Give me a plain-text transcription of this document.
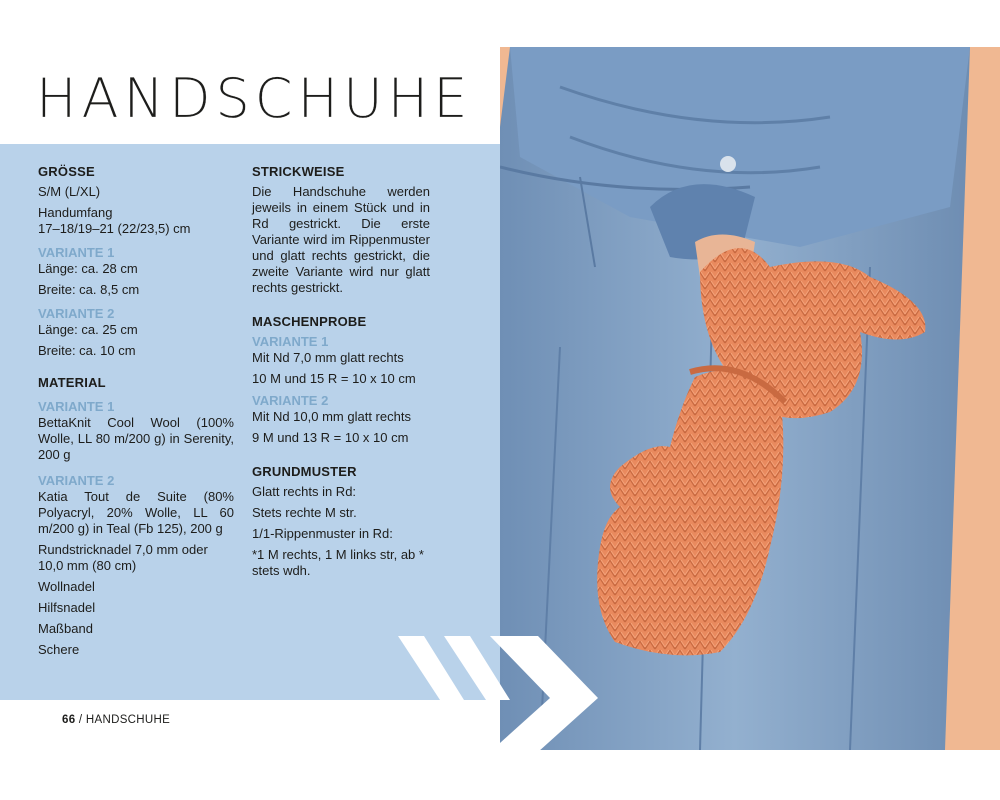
HANDSCHUHE
GRÖSSE
S/M (L/XL)
Handumfang
17–18/19–21 (22/23,5) cm
VARIANTE 1
Länge: ca. 28 cm
Breite: ca. 8,5 cm
VARIANTE 2
Länge: ca. 25 cm
Breite: ca. 10 cm
MATERIAL
VARIANTE 1
BettaKnit Cool Wool (100% Wolle, LL 80 m/200 g) in Serenity, 200 g
VARIANTE 2
Katia Tout de Suite (80% Polyacryl, 20% Wolle, LL 60 m/200 g) in Teal (Fb 125), 200 g
Rundstricknadel 7,0 mm oder 10,0 mm (80 cm)
Wollnadel
Hilfsnadel
Maßband
Schere
STRICKWEISE
Die Handschuhe werden jeweils in einem Stück und in Rd gestrickt. Die erste Variante wird im Rippenmuster und glatt rechts gestrickt, die zweite Variante wird nur glatt rechts gestrickt.
MASCHENPROBE
VARIANTE 1
Mit Nd 7,0 mm glatt rechts
10 M und 15 R = 10 x 10 cm
VARIANTE 2
Mit Nd 10,0 mm glatt rechts
9 M und 13 R = 10 x 10 cm
GRUNDMUSTER
Glatt rechts in Rd:
Stets rechte M str.
1/1-Rippenmuster in Rd:
*1 M rechts, 1 M links str, ab * stets wdh.
66 / HANDSCHUHE
